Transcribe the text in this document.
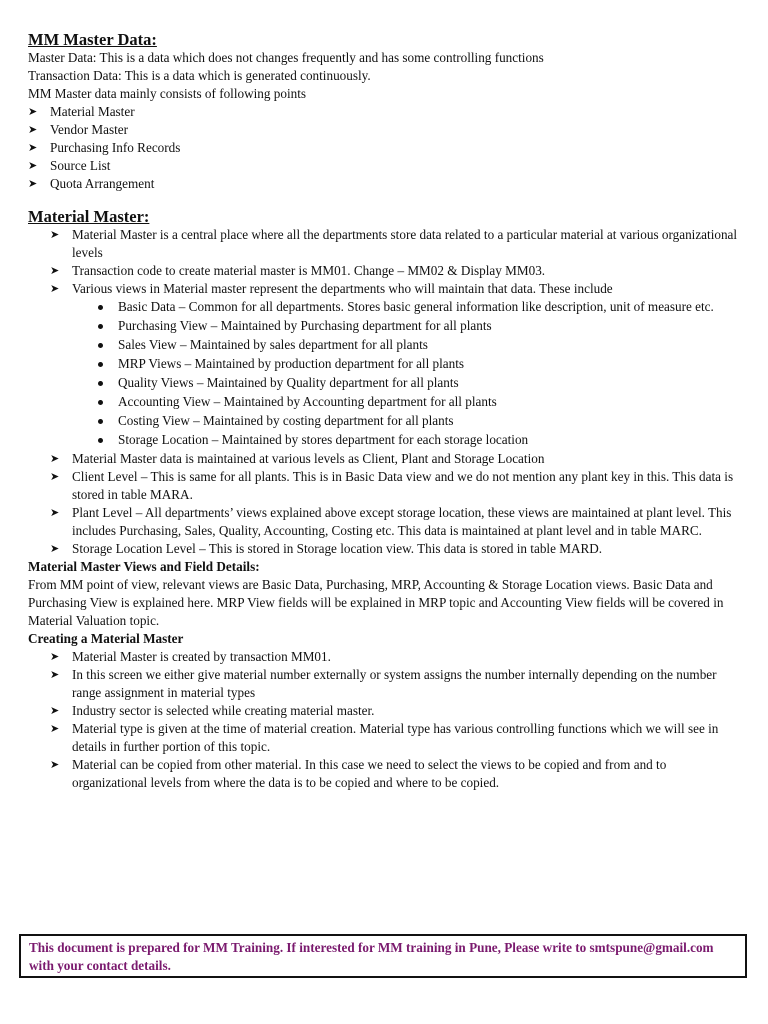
MM Master Data:

Master Data: This is a data which does not changes frequently and has some controlling functions

Transaction Data: This is a data which is generated continuously.

MM Master data mainly consists of following points

➤ Material Master
➤ Vendor Master
➤ Purchasing Info Records
➤ Source List
➤ Quota Arrangement
Material Master:
➤ Material Master is a central place where all the departments store data related to a particular material at various organizational levels
➤ Transaction code to create material master is MM01. Change – MM02 & Display MM03.
➤ Various views in Material master represent the departments who will maintain that data. These include
Basic Data – Common for all departments. Stores basic general information like description, unit of measure etc.
Purchasing View – Maintained by Purchasing department for all plants
Sales View – Maintained by sales department for all plants
MRP Views – Maintained by production department for all plants
Quality Views – Maintained by Quality department for all plants
Accounting View – Maintained by Accounting department for all plants
Costing View – Maintained by costing department for all plants
Storage Location – Maintained by stores department for each storage location
➤ Material Master data is maintained at various levels as Client, Plant and Storage Location
➤ Client Level – This is same for all plants. This is in Basic Data view and we do not mention any plant key in this. This data is stored in table MARA.
➤ Plant Level – All departments’ views explained above except storage location, these views are maintained at plant level. This includes Purchasing, Sales, Quality, Accounting, Costing etc. This data is maintained at plant level and in table MARC.
➤ Storage Location Level – This is stored in Storage location view. This data is stored in table MARD.

Material Master Views and Field Details:

From MM point of view, relevant views are Basic Data, Purchasing, MRP, Accounting & Storage Location views. Basic Data and Purchasing View is explained here. MRP View fields will be explained in MRP topic and Accounting View fields will be covered in Material Valuation topic.

Creating a Material Master

➤ Material Master is created by transaction MM01.
➤ In this screen we either give material number externally or system assigns the number internally depending on the number range assignment in material types
➤ Industry sector is selected while creating material master.
➤ Material type is given at the time of material creation. Material type has various controlling functions which we will see in details in further portion of this topic.
➤ Material can be copied from other material. In this case we need to select the views to be copied and from and to organizational levels from where the data is to be copied and where to be copied.

This document is prepared for MM Training. If interested for MM training in Pune, Please write to smtspune@gmail.com with your contact details.
